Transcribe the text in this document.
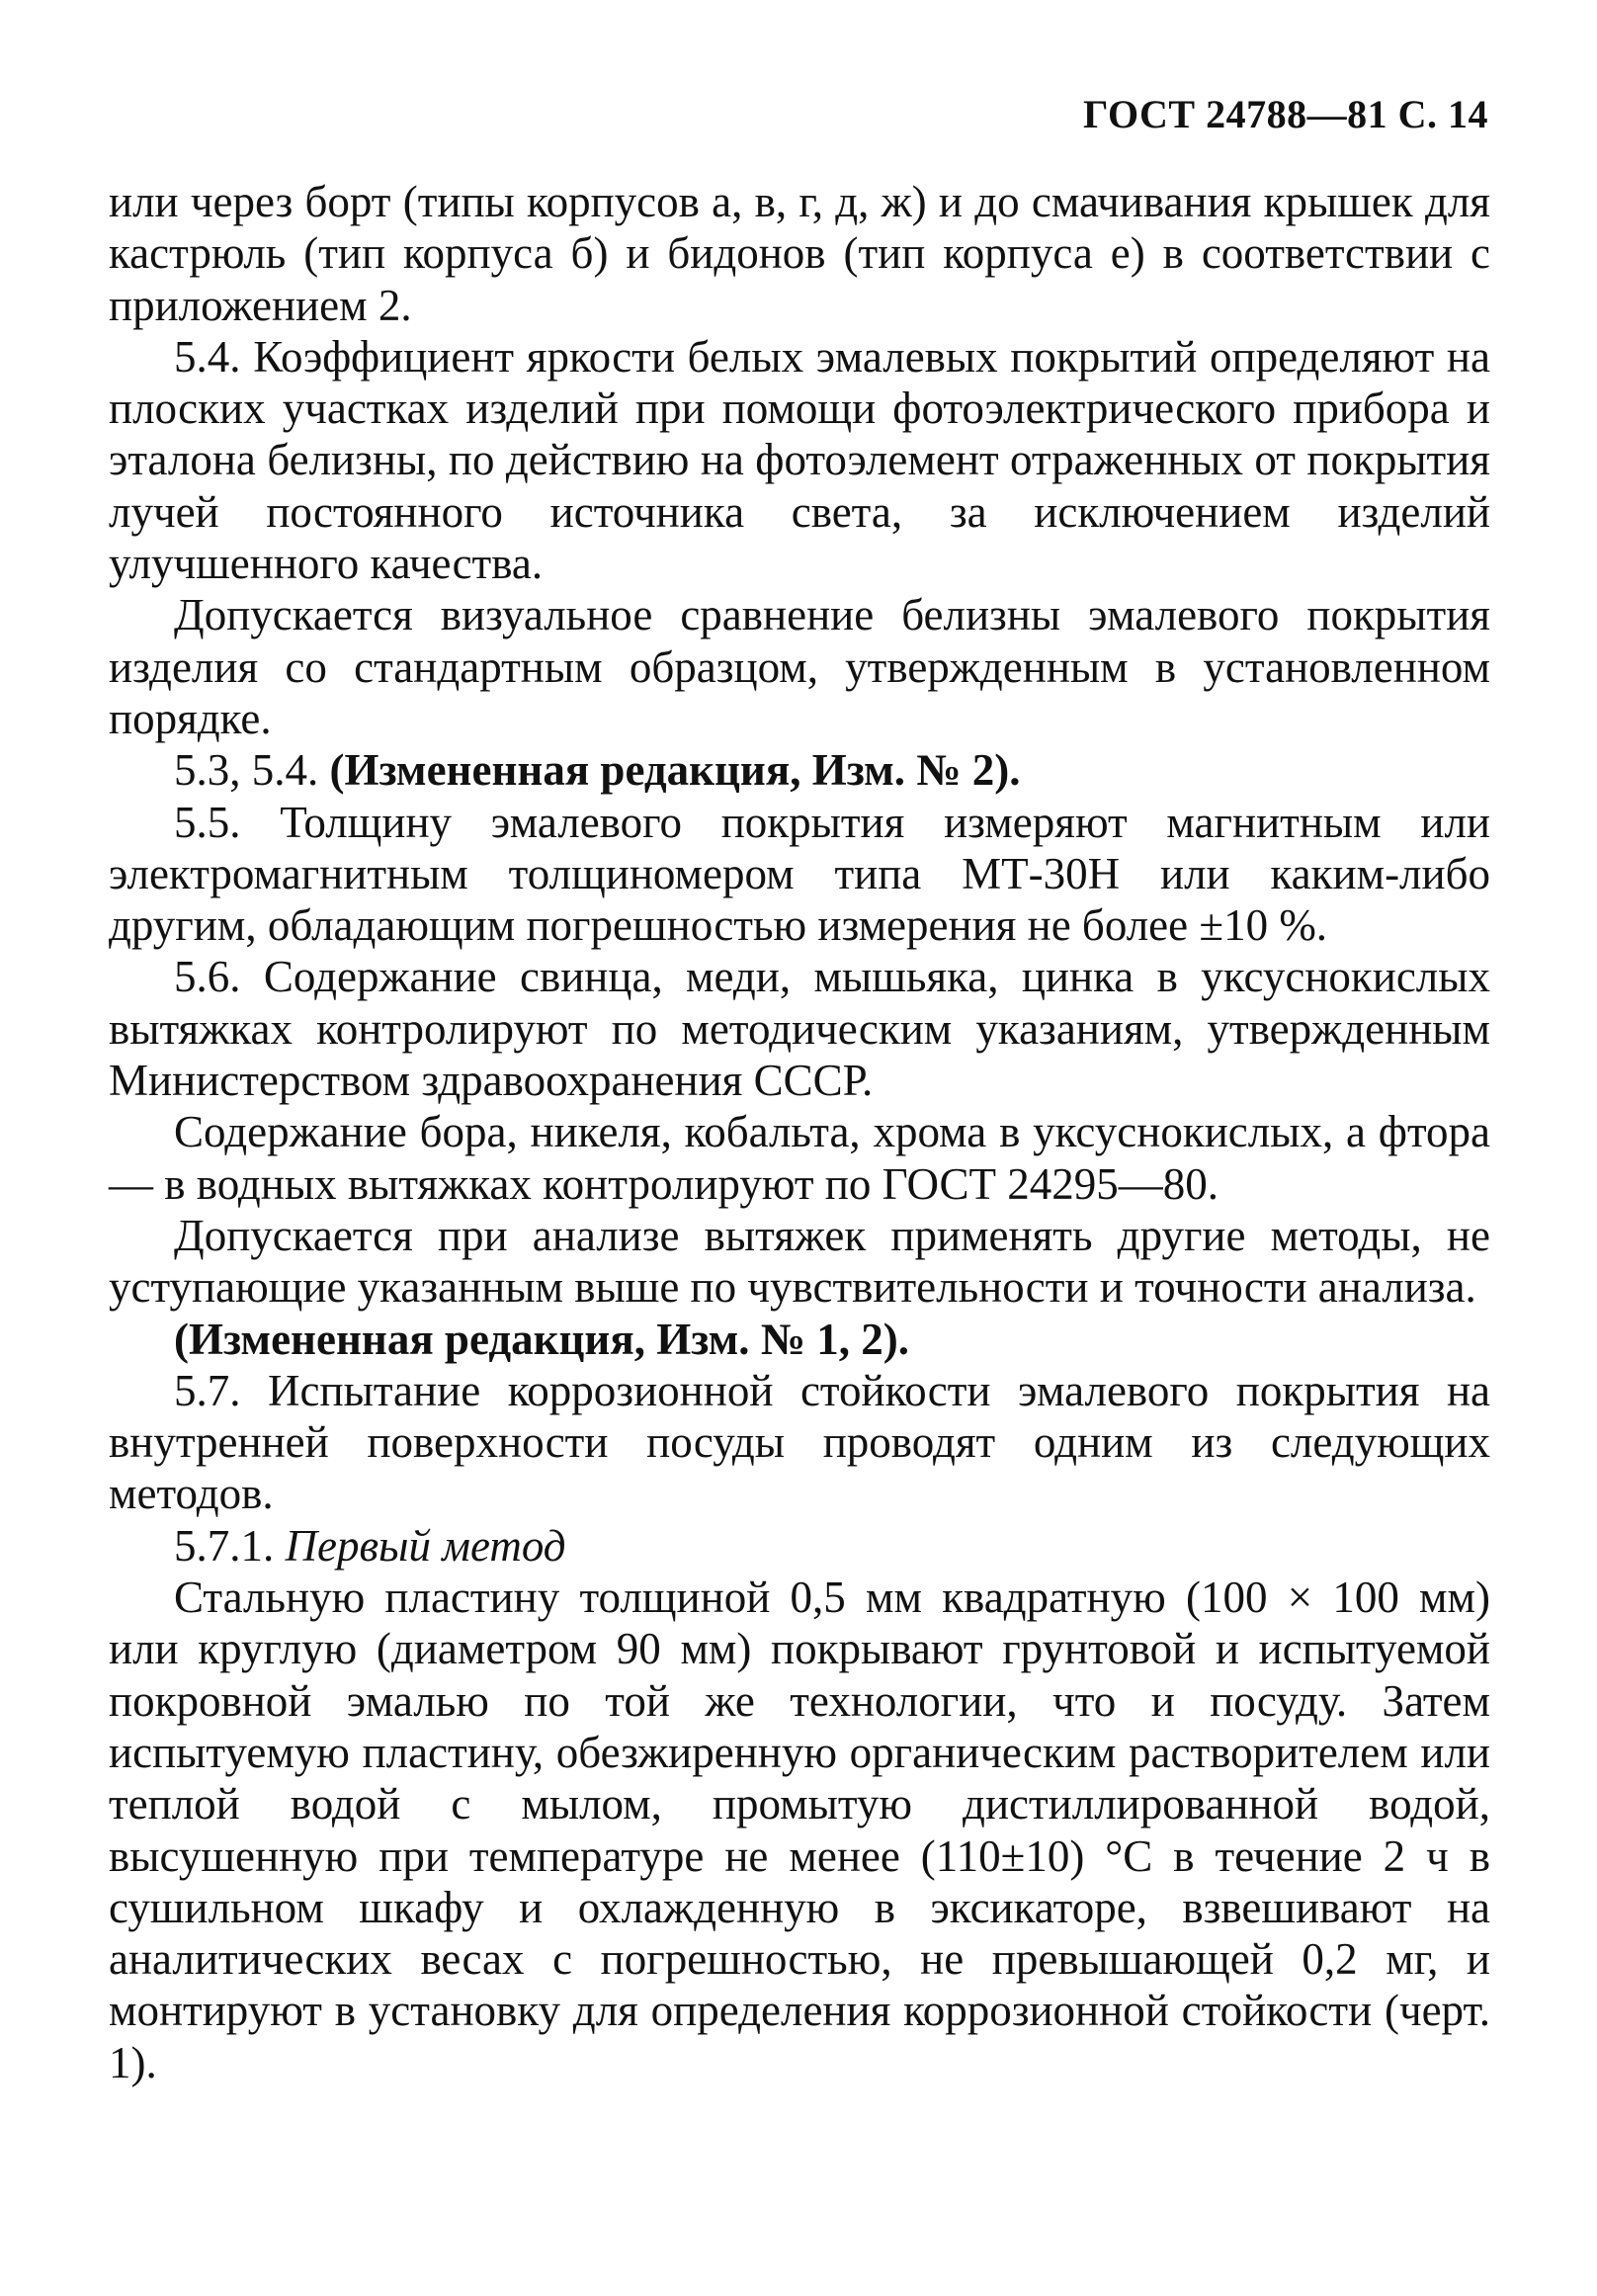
ГОСТ 24788—81 С. 14

или через борт (типы корпусов а, в, г, д, ж) и до смачивания крышек для кастрюль (тип корпуса б) и бидонов (тип корпуса е) в соответствии с приложением 2.

5.4. Коэффициент яркости белых эмалевых покрытий определяют на плоских участках изделий при помощи фотоэлектрического прибора и эталона белизны, по действию на фотоэлемент отраженных от покрытия лучей постоянного источника света, за исключением изделий улучшенного качества.

Допускается визуальное сравнение белизны эмалевого покрытия изделия со стандартным образцом, утвержденным в установленном порядке.

5.3, 5.4. (Измененная редакция, Изм. № 2).

5.5. Толщину эмалевого покрытия измеряют магнитным или электромагнитным толщиномером типа МТ-30Н или каким-либо другим, обладающим погрешностью измерения не более ±10 %.

5.6. Содержание свинца, меди, мышьяка, цинка в уксуснокислых вытяжках контролируют по методическим указаниям, утвержденным Министерством здравоохранения СССР.

Содержание бора, никеля, кобальта, хрома в уксуснокислых, а фтора — в водных вытяжках контролируют по ГОСТ 24295—80.

Допускается при анализе вытяжек применять другие методы, не уступающие указанным выше по чувствительности и точности анализа.

(Измененная редакция, Изм. № 1, 2).

5.7. Испытание коррозионной стойкости эмалевого покрытия на внутренней поверхности посуды проводят одним из следующих методов.

5.7.1. Первый метод

Стальную пластину толщиной 0,5 мм квадратную (100 × 100 мм) или круглую (диаметром 90 мм) покрывают грунтовой и испытуемой покровной эмалью по той же технологии, что и посуду. Затем испытуемую пластину, обезжиренную органическим растворителем или теплой водой с мылом, промытую дистиллированной водой, высушенную при температуре не менее (110±10) °С в течение 2 ч в сушильном шкафу и охлажденную в эксикаторе, взвешивают на аналитических весах с погрешностью, не превышающей 0,2 мг, и монтируют в установку для определения коррозионной стойкости (черт. 1).
